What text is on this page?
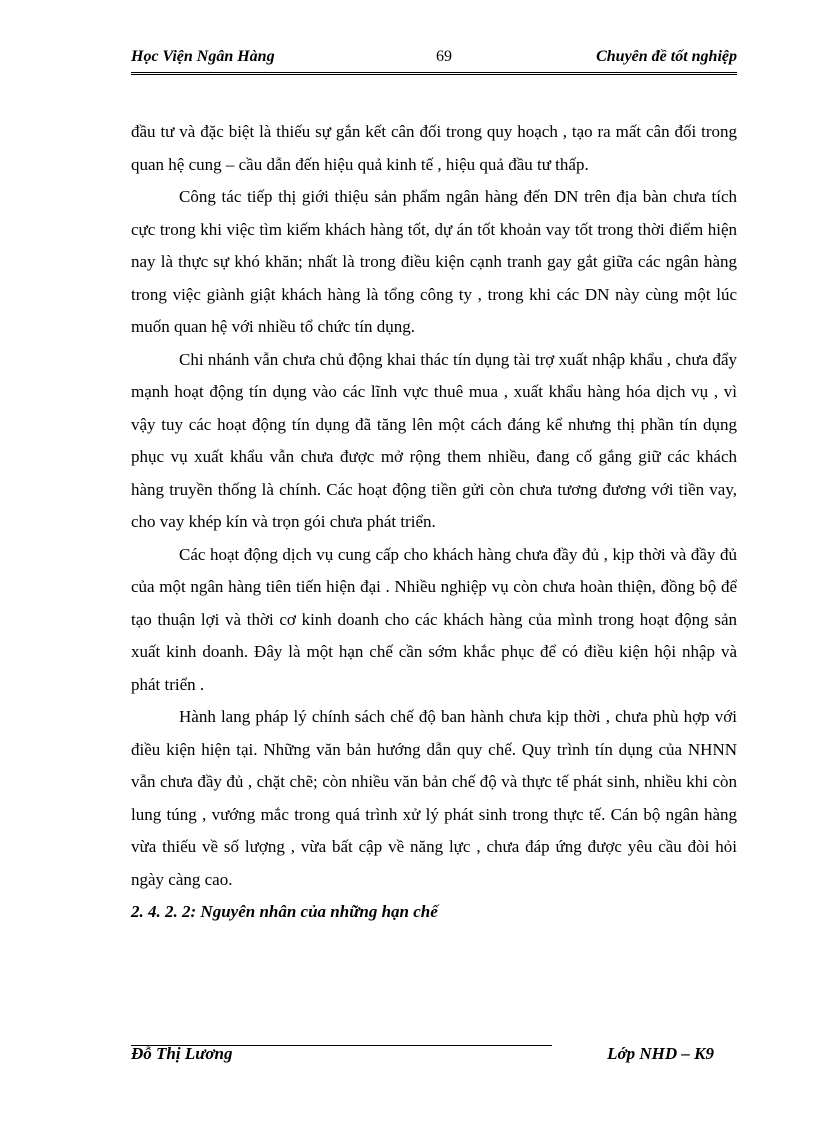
Học Viện Ngân Hàng	69	Chuyên đề tốt nghiệp

đầu tư và đặc biệt là thiếu sự gắn kết cân đối trong quy hoạch , tạo ra mất cân đối trong quan hệ cung – cầu dẫn đến hiệu quả kinh tế , hiệu quả đầu tư thấp.

Công tác tiếp thị giới thiệu sản phẩm ngân hàng đến DN trên địa bàn chưa tích cực trong khi việc tìm kiếm khách hàng tốt, dự án tốt khoản vay tốt trong thời điểm hiện nay là thực sự khó khăn; nhất là trong điều kiện cạnh tranh gay gắt giữa các ngân hàng trong việc giành giật khách hàng là tổng công ty , trong khi các DN này cùng một lúc muốn quan hệ với nhiều tổ chức tín dụng.

Chi nhánh vẫn chưa chủ động khai thác tín dụng tài trợ xuất nhập khẩu , chưa đẩy mạnh hoạt động tín dụng vào các lĩnh vực thuê mua , xuất khẩu hàng hóa dịch vụ , vì vậy tuy các hoạt động tín dụng đã tăng lên một cách đáng kể nhưng thị phần tín dụng phục vụ xuất khẩu vẫn chưa được mở rộng them nhiều, đang cố gắng giữ các khách hàng truyền thống là chính. Các hoạt động tiền gửi còn chưa tương đương với tiền vay, cho vay khép kín và trọn gói chưa phát triển.

Các hoạt động dịch vụ cung cấp cho khách hàng chưa đầy đủ , kịp thời và đầy đủ của một ngân hàng tiên tiến hiện đại . Nhiều nghiệp vụ còn chưa hoàn thiện, đồng bộ để tạo thuận lợi và thời cơ kinh doanh cho các khách hàng của mình trong hoạt động sản xuất kinh doanh. Đây là một hạn chế cần sớm khắc phục để có điều kiện hội nhập và phát triển .

Hành lang pháp lý chính sách chế độ ban hành chưa kịp thời , chưa phù hợp với điều kiện hiện tại. Những văn bản hướng dẫn quy chế. Quy trình tín dụng của NHNN vẫn chưa đầy đủ , chặt chẽ; còn nhiều văn bản chế độ và thực tế phát sinh, nhiều khi còn lung túng , vướng mắc trong quá trình xử lý phát sinh trong thực tế. Cán bộ ngân hàng vừa thiếu về số lượng , vừa bất cập về năng lực , chưa đáp ứng được yêu cầu đòi hỏi ngày càng cao.

2. 4. 2. 2: Nguyên nhân của những hạn chế

Đỗ Thị Lương	Lớp NHD – K9
